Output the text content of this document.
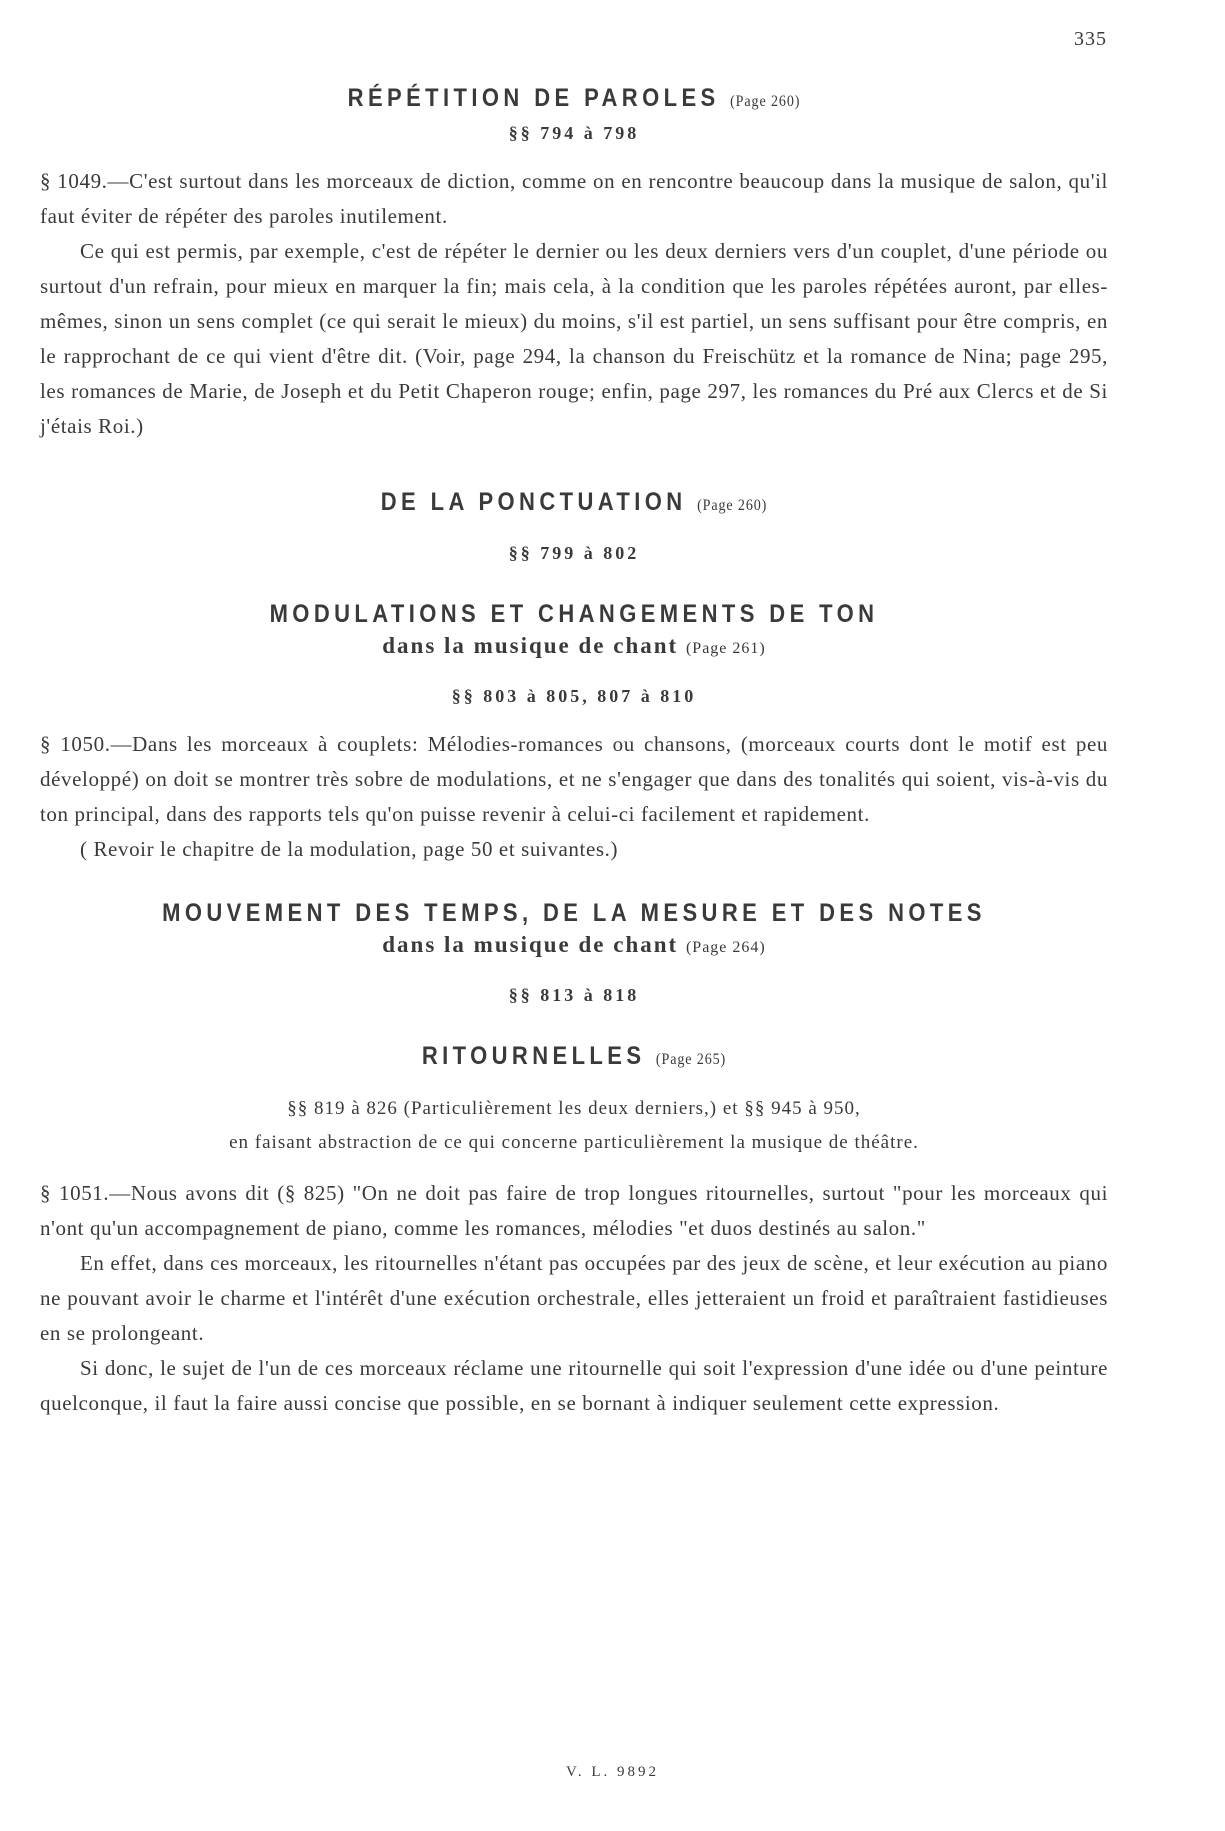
335
RÉPÉTITION DE PAROLES (Page 260)
§§ 794 à 798

§ 1049.—C'est surtout dans les morceaux de diction, comme on en rencontre beaucoup dans la musique de salon, qu'il faut éviter de répéter des paroles inutilement.

Ce qui est permis, par exemple, c'est de répéter le dernier ou les deux derniers vers d'un couplet, d'une période ou surtout d'un refrain, pour mieux en marquer la fin; mais cela, à la condition que les paroles répétées auront, par elles-mêmes, sinon un sens complet (ce qui serait le mieux) du moins, s'il est partiel, un sens suffisant pour être compris, en le rapprochant de ce qui vient d'être dit. (Voir, page 294, la chanson du Freischütz et la romance de Nina; page 295, les romances de Marie, de Joseph et du Petit Chaperon rouge; enfin, page 297, les romances du Pré aux Clercs et de Si j'étais Roi.)

DE LA PONCTUATION (Page 260)
§§ 799 à 802
MODULATIONS ET CHANGEMENTS DE TON
dans la musique de chant (Page 261)
§§ 803 à 805, 807 à 810

§ 1050.—Dans les morceaux à couplets: Mélodies-romances ou chansons, (morceaux courts dont le motif est peu développé) on doit se montrer très sobre de modulations, et ne s'engager que dans des tonalités qui soient, vis-à-vis du ton principal, dans des rapports tels qu'on puisse revenir à celui-ci facilement et rapidement.

( Revoir le chapitre de la modulation, page 50 et suivantes.)

MOUVEMENT DES TEMPS, DE LA MESURE ET DES NOTES
dans la musique de chant (Page 264)
§§ 813 à 818
RITOURNELLES (Page 265)
§§ 819 à 826 (Particulièrement les deux derniers,) et §§ 945 à 950,
en faisant abstraction de ce qui concerne particulièrement la musique de théâtre.

§ 1051.—Nous avons dit (§ 825) "On ne doit pas faire de trop longues ritournelles, surtout "pour les morceaux qui n'ont qu'un accompagnement de piano, comme les romances, mélodies "et duos destinés au salon."

En effet, dans ces morceaux, les ritournelles n'étant pas occupées par des jeux de scène, et leur exécution au piano ne pouvant avoir le charme et l'intérêt d'une exécution orchestrale, elles jetteraient un froid et paraîtraient fastidieuses en se prolongeant.

Si donc, le sujet de l'un de ces morceaux réclame une ritournelle qui soit l'expression d'une idée ou d'une peinture quelconque, il faut la faire aussi concise que possible, en se bornant à indiquer seulement cette expression.

V. L. 9892
